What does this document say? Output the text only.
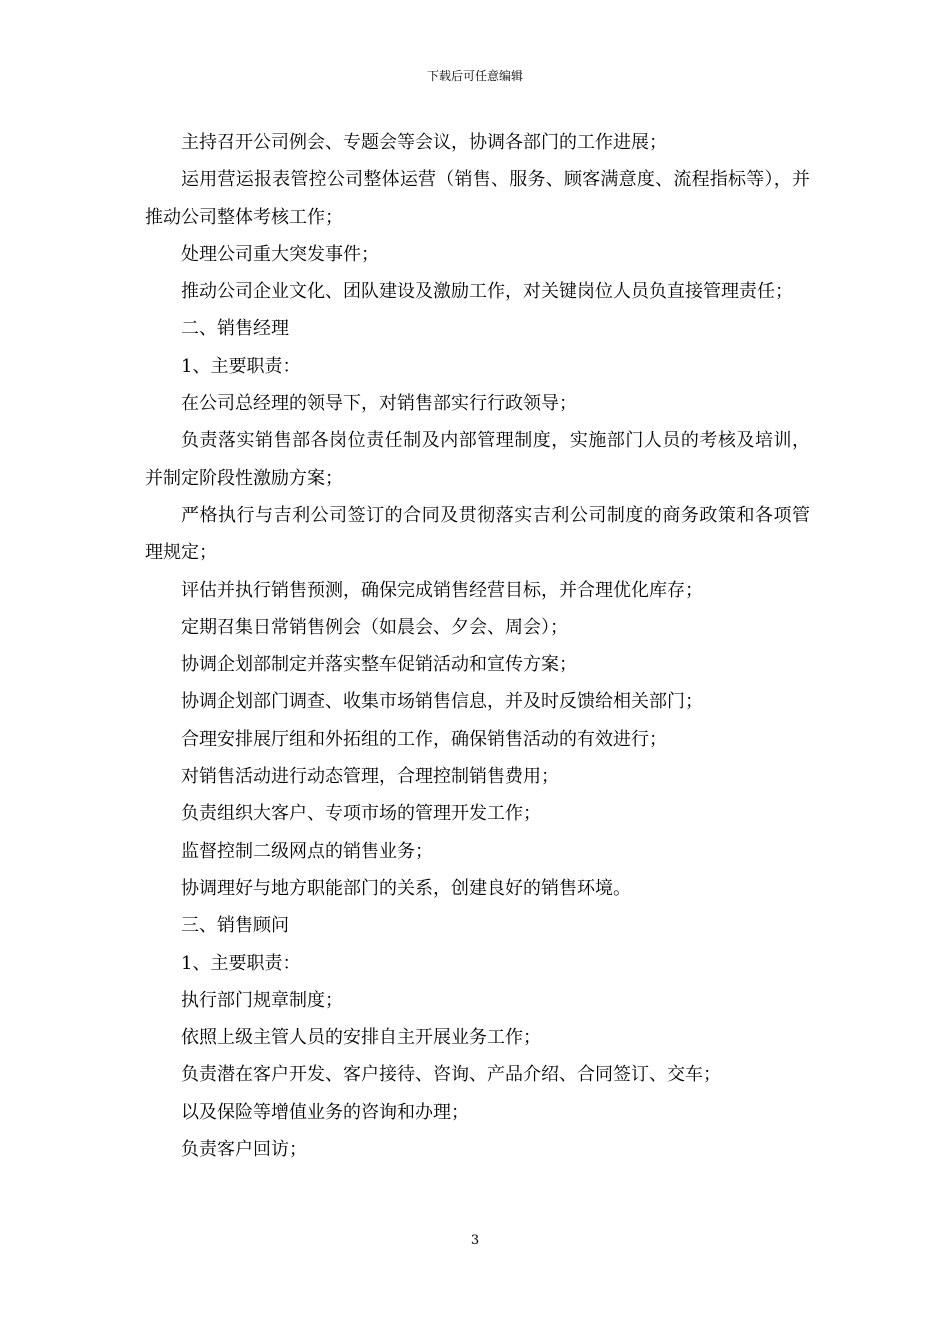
下载后可任意编辑

主持召开公司例会、专题会等会议，协调各部门的工作进展；

运用营运报表管控公司整体运营（销售、服务、顾客满意度、流程指标等），并推动公司整体考核工作；

处理公司重大突发事件；

推动公司企业文化、团队建设及激励工作，对关键岗位人员负直接管理责任；

二、销售经理

1、主要职责：

在公司总经理的领导下，对销售部实行行政领导；

负责落实销售部各岗位责任制及内部管理制度，实施部门人员的考核及培训，并制定阶段性激励方案；

严格执行与吉利公司签订的合同及贯彻落实吉利公司制度的商务政策和各项管理规定；

评估并执行销售预测，确保完成销售经营目标，并合理优化库存；

定期召集日常销售例会（如晨会、夕会、周会）；

协调企划部制定并落实整车促销活动和宣传方案；

协调企划部门调查、收集市场销售信息，并及时反馈给相关部门；

合理安排展厅组和外拓组的工作，确保销售活动的有效进行；

对销售活动进行动态管理，合理控制销售费用；

负责组织大客户、专项市场的管理开发工作；

监督控制二级网点的销售业务；

协调理好与地方职能部门的关系，创建良好的销售环境。

三、销售顾问

1、主要职责：

执行部门规章制度；

依照上级主管人员的安排自主开展业务工作；

负责潜在客户开发、客户接待、咨询、产品介绍、合同签订、交车；

以及保险等增值业务的咨询和办理；

负责客户回访；

3
